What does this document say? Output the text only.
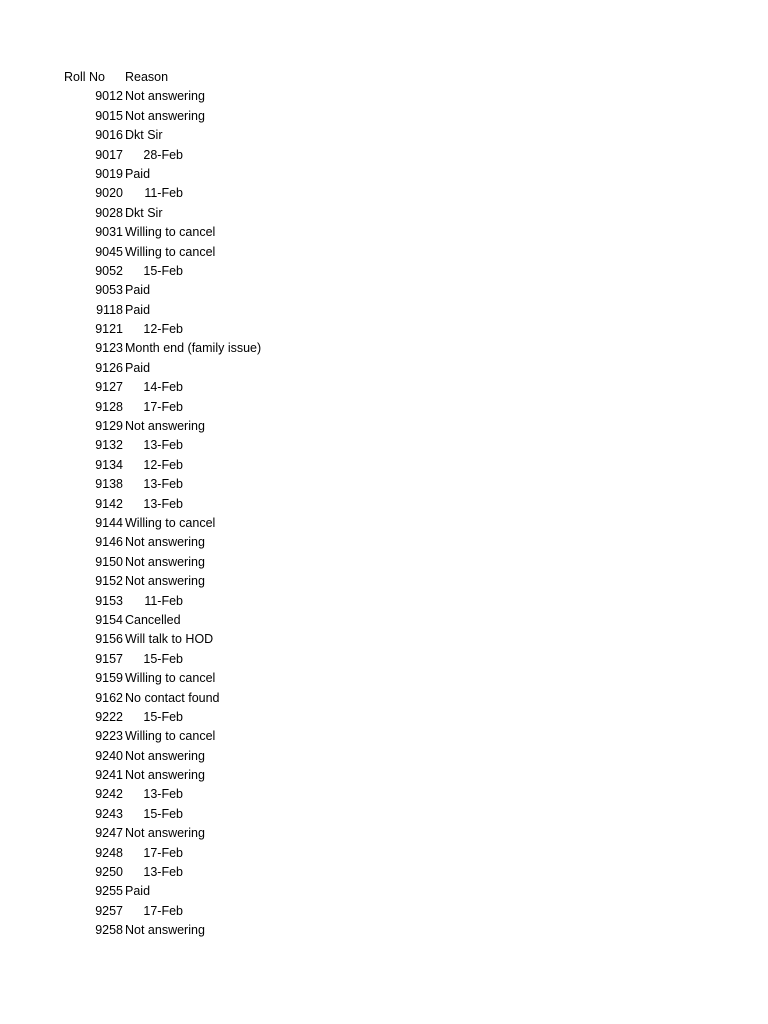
Roll No	Reason
9012 Not answering
9015 Not answering
9016 Dkt Sir
9017	28-Feb
9019 Paid
9020	11-Feb
9028 Dkt Sir
9031 Willing to cancel
9045 Willing to cancel
9052	15-Feb
9053 Paid
9118 Paid
9121	12-Feb
9123 Month end (family issue)
9126 Paid
9127	14-Feb
9128	17-Feb
9129 Not answering
9132	13-Feb
9134	12-Feb
9138	13-Feb
9142	13-Feb
9144 Willing to cancel
9146 Not answering
9150 Not answering
9152 Not answering
9153	11-Feb
9154 Cancelled
9156 Will talk to HOD
9157	15-Feb
9159 Willing to cancel
9162 No contact found
9222	15-Feb
9223 Willing to cancel
9240 Not answering
9241 Not answering
9242	13-Feb
9243	15-Feb
9247 Not answering
9248	17-Feb
9250	13-Feb
9255 Paid
9257	17-Feb
9258 Not answering
